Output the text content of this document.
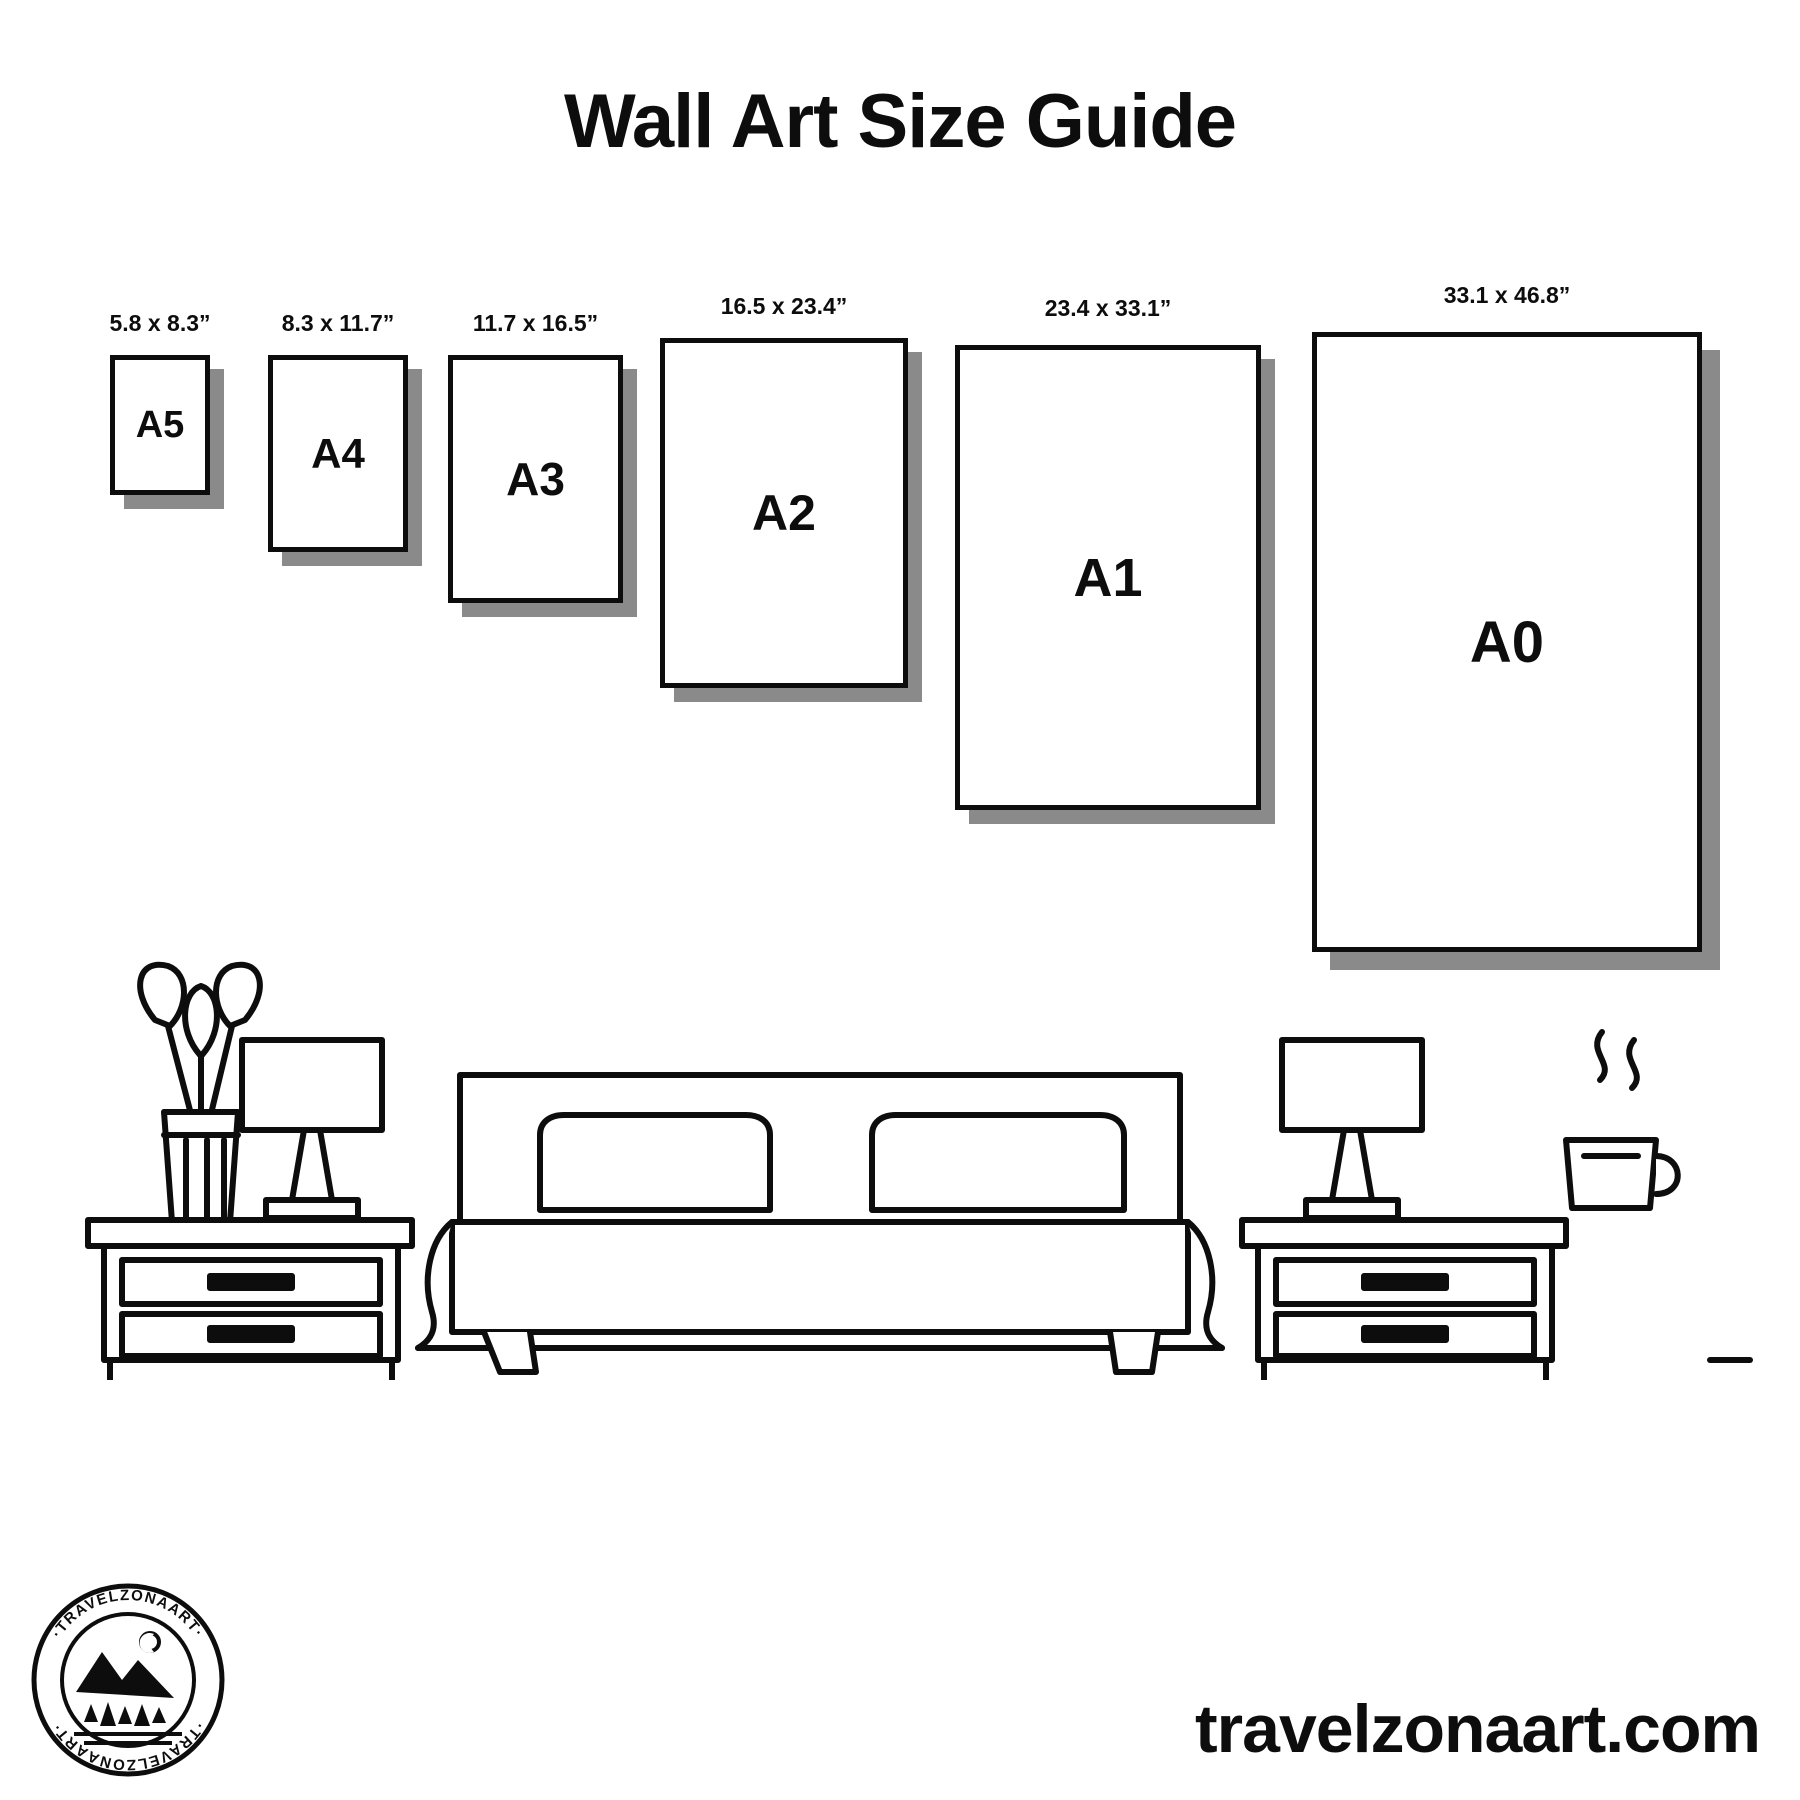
Wall Art Size Guide
5.8 x 8.3”
A5
8.3 x 11.7”
A4
11.7 x 16.5”
A3
16.5 x 23.4”
A2
23.4 x 33.1”
A1
33.1 x 46.8”
A0
·TRAVELZONAART·
·TRAVELZONAART·	travelzonaart.com
